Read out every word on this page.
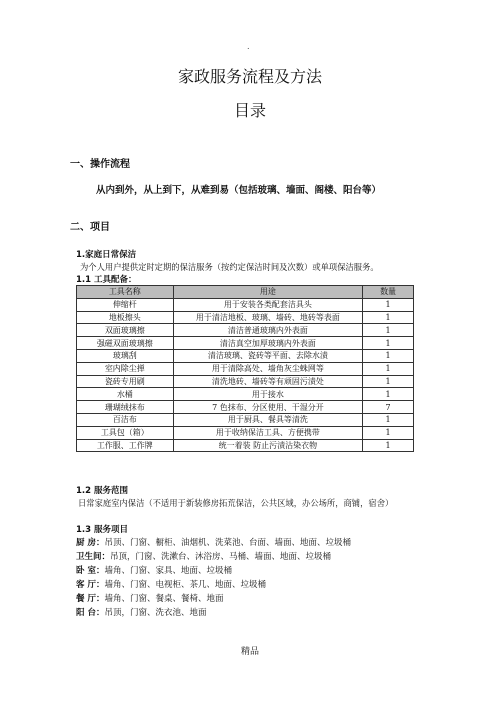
.
家政服务流程及方法
目录
一、操作流程
从内到外，从上到下，从难到易（包括玻璃、墙面、阁楼、阳台等）
二、项目
1.家庭日常保洁
为个人用户提供定时定期的保洁服务（按约定保洁时间及次数）或单项保洁服务。
1.1 工具配备：
工具名称	用途	数量
伸缩杆	用于安装各类配套洁具头	1
地板擦头	用于清洁地板、玻璃、墙砖、地砖等表面	1
双面玻璃擦	清洁普通玻璃内外表面	1
强磁双面玻璃擦	清洁真空加厚玻璃内外表面	1
玻璃刮	清洁玻璃、瓷砖等平面、去除水渍	1
室内除尘掸	用于清除高处、墙角灰尘蛛网等	1
瓷砖专用刷	清洗地砖、墙砖等有顽固污渍处	1
水桶	用于接水	1
珊瑚绒抹布	7 色抹布、分区使用、干湿分开	7
百洁布	用于厨具、餐具等清洗	1
工具包（箱）	用于收纳保洁工具、方便携带	1
工作服、工作牌	统一着装 防止污渍沾染衣物	1
1.2 服务范围
日常家庭室内保洁（不适用于新装修房拓荒保洁，公共区域，办公场所，商铺，宿舍）
1.3 服务项目
厨 房：吊顶、门窗、橱柜、油烟机、洗菜池、台面、墙面、地面、垃圾桶
卫生间：吊顶，门窗、洗漱台、沐浴房、马桶、墙面、地面、垃圾桶
卧 室：墙角、门窗、家具、地面、垃圾桶
客 厅：墙角、门窗、电视柜、茶几、地面、垃圾桶
餐 厅：墙角、门窗、餐桌、餐椅、地面
阳 台：吊顶，门窗、洗衣池、地面
精品
